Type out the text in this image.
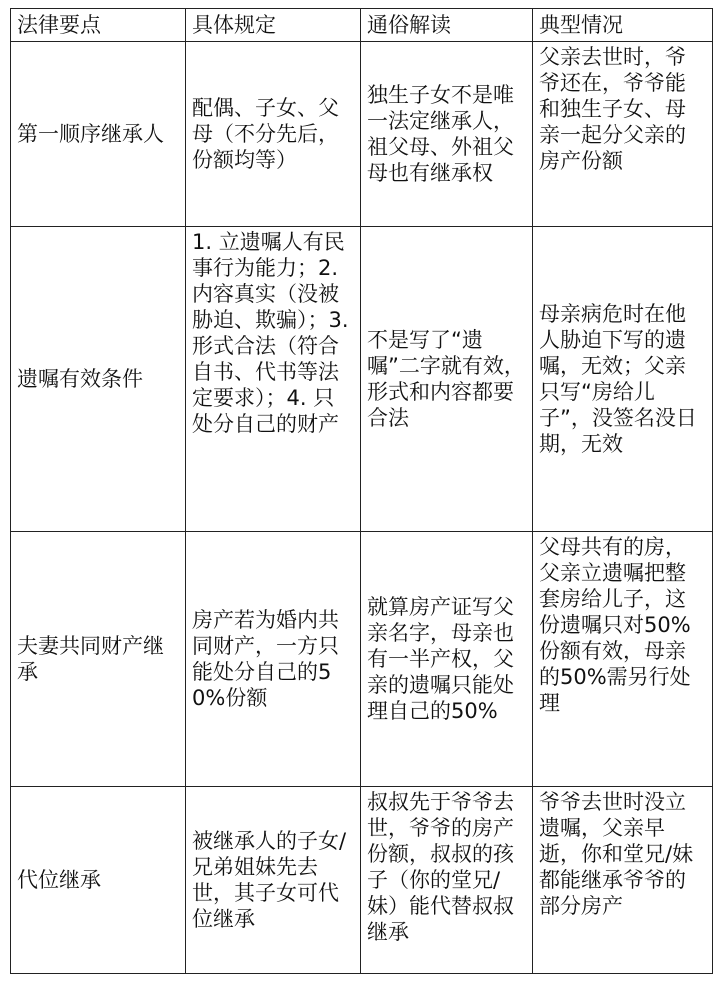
法律要点	具体规定	通俗解读	典型情况
第一顺序继承人	配偶、子女、父母（不分先后，份额均等）	独生子女不是唯一法定继承人，祖父母、外祖父母也有继承权	父亲去世时，爷爷还在，爷爷能和独生子女、母亲一起分父亲的房产份额
遗嘱有效条件	1. 立遗嘱人有民事行为能力；2. 内容真实（没被胁迫、欺骗）；3. 形式合法（符合自书、代书等法定要求）；4. 只处分自己的财产	不是写了“遗嘱”二字就有效，形式和内容都要合法	母亲病危时在他人胁迫下写的遗嘱，无效；父亲只写“房给儿子”，没签名没日期，无效
夫妻共同财产继承	房产若为婚内共同财产，一方只能处分自己的50%份额	就算房产证写父亲名字，母亲也有一半产权，父亲的遗嘱只能处理自己的50%	父母共有的房，父亲立遗嘱把整套房给儿子，这份遗嘱只对50%份额有效，母亲的50%需另行处理
代位继承	被继承人的子女/兄弟姐妹先去世，其子女可代位继承	叔叔先于爷爷去世，爷爷的房产份额，叔叔的孩子（你的堂兄/妹）能代替叔叔继承	爷爷去世时没立遗嘱，父亲早逝，你和堂兄/妹都能继承爷爷的部分房产
